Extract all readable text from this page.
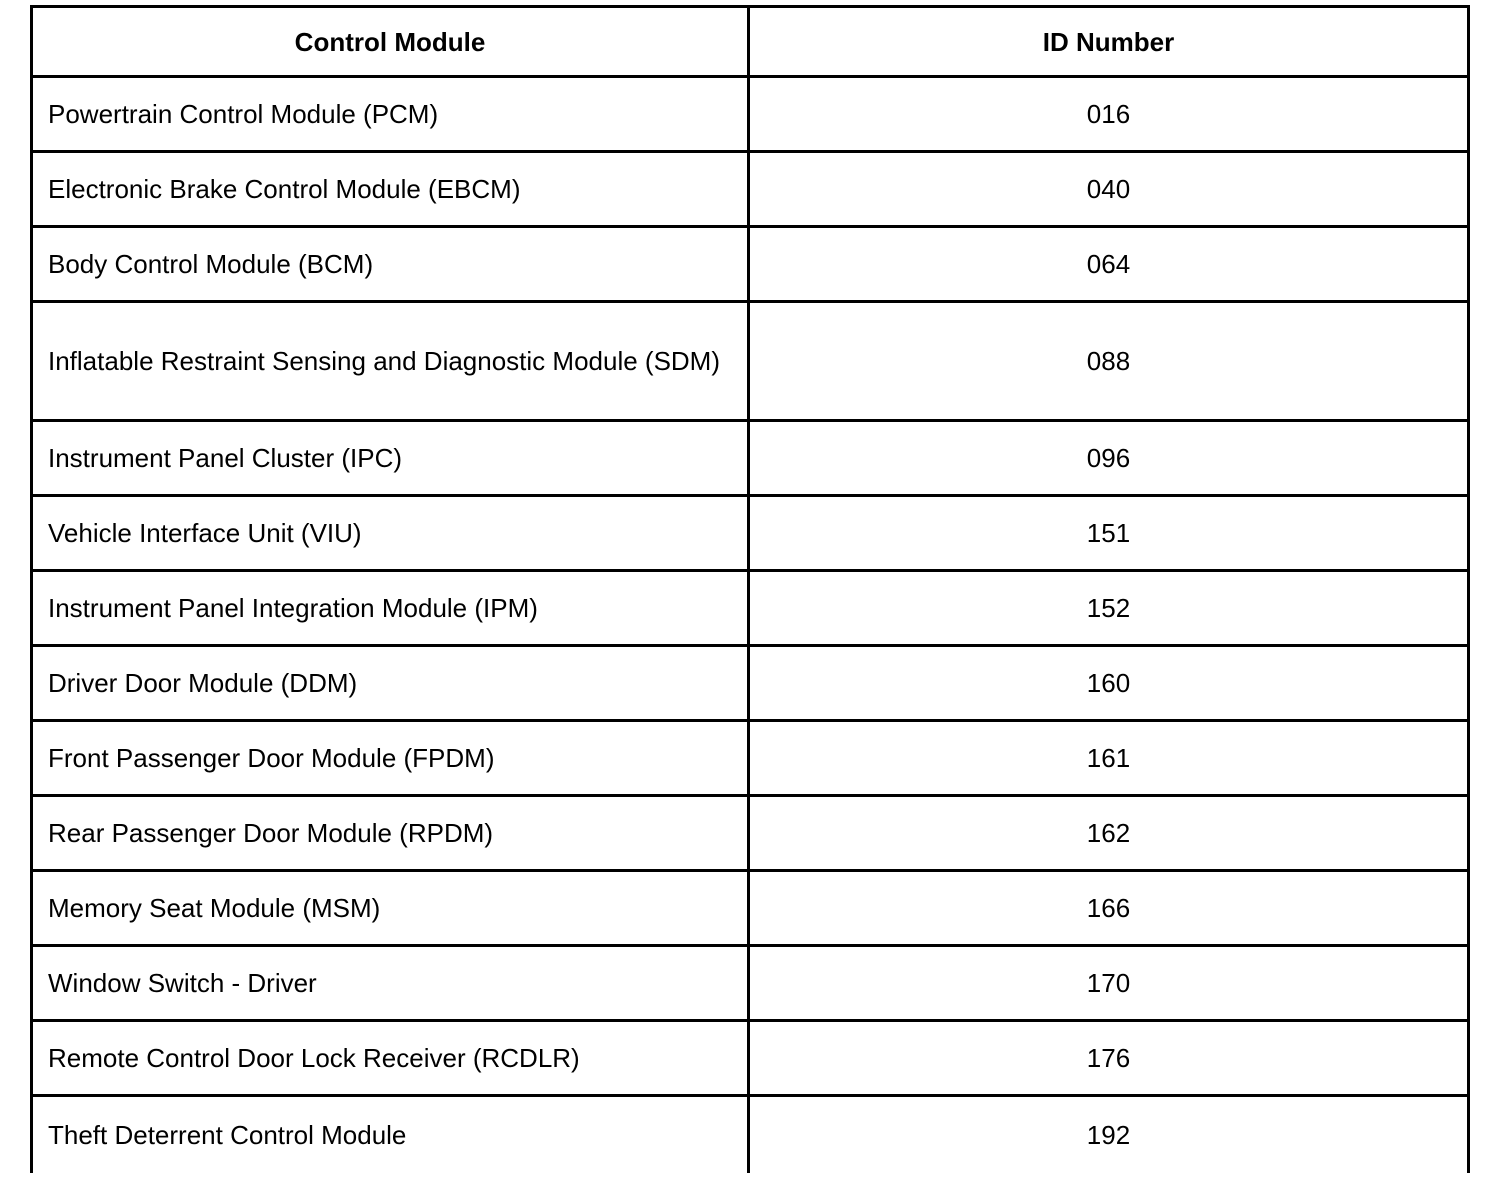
Control Module	ID Number
Powertrain Control Module (PCM)	016
Electronic Brake Control Module (EBCM)	040
Body Control Module (BCM)	064
Inflatable Restraint Sensing and Diagnostic Module (SDM)	088
Instrument Panel Cluster (IPC)	096
Vehicle Interface Unit (VIU)	151
Instrument Panel Integration Module (IPM)	152
Driver Door Module (DDM)	160
Front Passenger Door Module (FPDM)	161
Rear Passenger Door Module (RPDM)	162
Memory Seat Module (MSM)	166
Window Switch - Driver	170
Remote Control Door Lock Receiver (RCDLR)	176
Theft Deterrent Control Module	192
